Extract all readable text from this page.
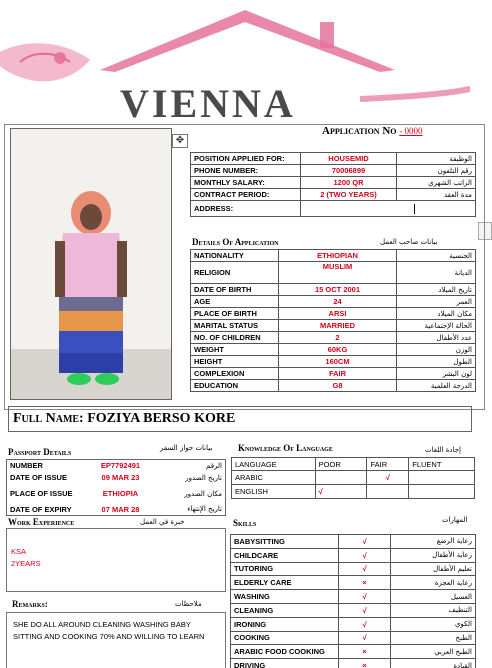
VIENNA
Application No - 0000
✥
POSITION APPLIED FOR:	HOUSEMID	الوظيفة
PHONE NUMBER:	70006899	رقم التلفون
MONTHLY SALARY:	1200 QR	الراتب الشهري
CONTRACT PERIOD:	2 (TWO YEARS)	مدة العقد
ADDRESS:		
Details Of Application	بيانات صاحب العمل
NATIONALITY	ETHIOPIAN	الجنسية
RELIGION	MUSLIM	الديانة
DATE OF BIRTH	15 OCT 2001	تاريخ الميلاد
AGE	24	العمر
PLACE OF BIRTH	ARSI	مكان الميلاد
MARITAL STATUS	MARRIED	الحالة الإجتماعية
NO. OF CHILDREN	2	عدد الأطفال
WEIGHT	60KG	الوزن
HEIGHT	160CM	الطول
COMPLEXION	FAIR	لون البشر
EDUCATION	G8	الدرجة العلمية
Full Name: FOZIYA BERSO KORE
Passport Details	بيانات جواز السفر
NUMBER	EP7792491	الرقم
DATE OF ISSUE	09 MAR 23	تاريخ الصدور
PLACE OF ISSUE	ETHIOPIA	مكان الصدور
DATE OF EXPIRY	07 MAR 28	تاريخ الإنتهاء
Knowledge Of Language	إجادة اللغات
LANGUAGE	POOR	FAIR	FLUENT
ARABIC		√	
ENGLISH	√		
Work Experience	خبرة في العمل
KSA
2YEARS
Skills	المهارات
BABYSITTING	√	رعاية الرضع
CHILDCARE	√	رعاية الأطفال
TUTORING	√	تعليم الأطفال
ELDERLY CARE	×	رعاية العجزة
WASHING	√	الغسيل
CLEANING	√	التنظيف
IRONING	√	الكوي
COOKING	√	الطبخ
ARABIC FOOD COOKING	×	الطبخ العربي
DRIVING	×	القيادة
Remarks:	ملاحظات
SHE DO ALL AROUND CLEANING WASHING BABY SITTING AND COOKING 70% AND WILLING TO LEARN
